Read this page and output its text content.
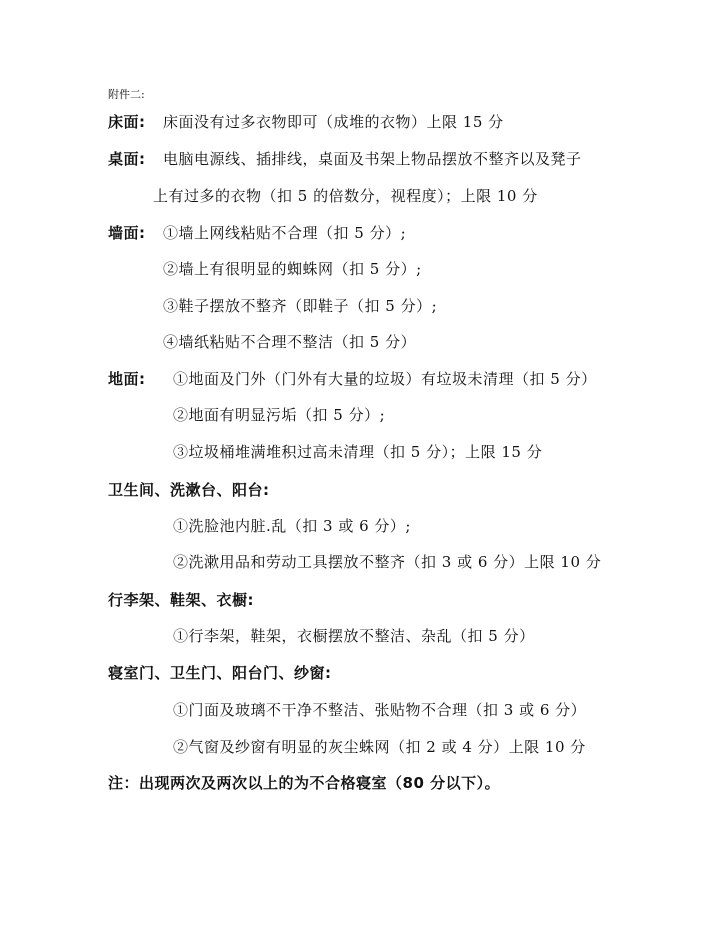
附件二:
床面: 床面没有过多衣物即可（成堆的衣物）上限 15 分
桌面: 电脑电源线、插排线，桌面及书架上物品摆放不整齐以及凳子
上有过多的衣物（扣 5 的倍数分，视程度）；上限 10 分
墙面: ①墙上网线粘贴不合理（扣 5 分）;
②墙上有很明显的蜘蛛网（扣 5 分）;
③鞋子摆放不整齐（即鞋子（扣 5 分）;
④墙纸粘贴不合理不整洁（扣 5 分）
地面: ①地面及门外（门外有大量的垃圾）有垃圾未清理（扣 5 分）
②地面有明显污垢（扣 5 分）;
③垃圾桶堆满堆积过高未清理（扣 5 分）；上限 15 分
卫生间、洗漱台、阳台:
①洗脸池内脏.乱（扣 3 或 6 分）;
②洗漱用品和劳动工具摆放不整齐（扣 3 或 6 分）上限 10 分
行李架、鞋架、衣橱:
①行李架，鞋架，衣橱摆放不整洁、杂乱（扣 5 分）
寝室门、卫生门、阳台门、纱窗:
①门面及玻璃不干净不整洁、张贴物不合理（扣 3 或 6 分）
②气窗及纱窗有明显的灰尘蛛网（扣 2 或 4 分）上限 10 分
注：出现两次及两次以上的为不合格寝室（80 分以下）。
